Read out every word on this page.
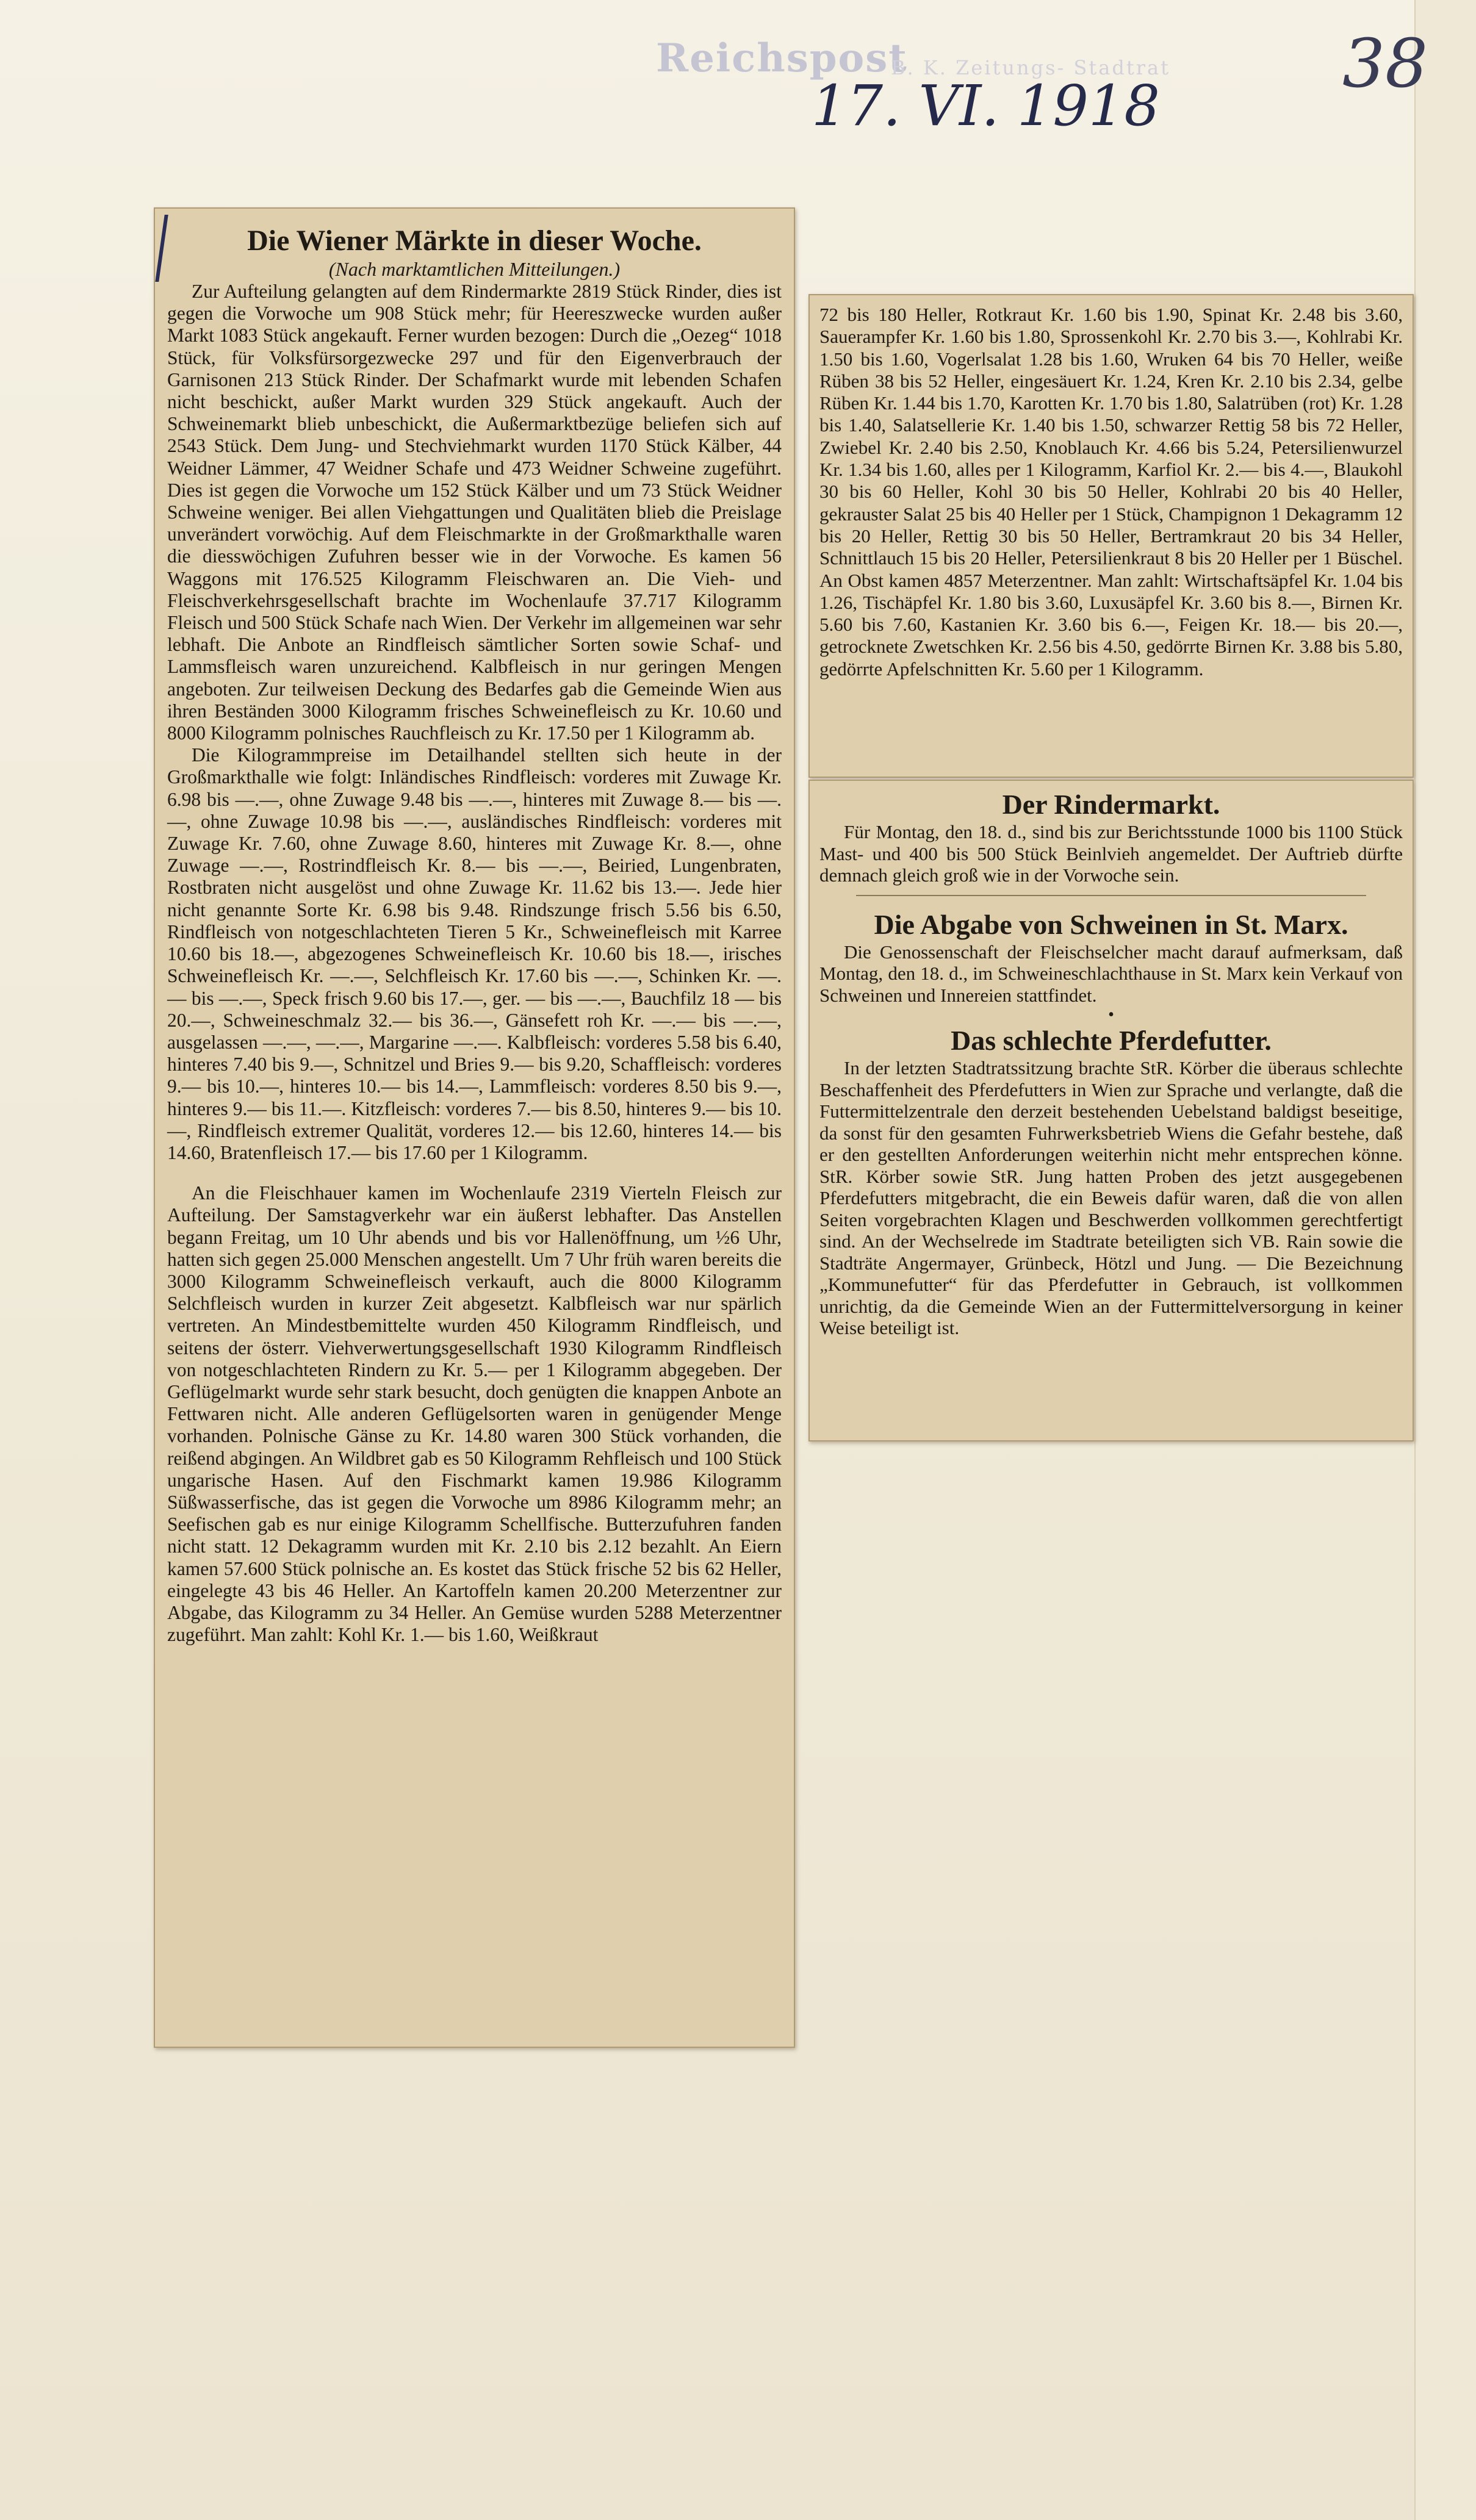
Reichspost
B. K. Zeitungs- Stadtrat
17. VI. 1918
38

Die Wiener Märkte in dieser Woche.

(Nach marktamtlichen Mitteilungen.)

Zur Aufteilung gelangten auf dem Rindermarkte 2819 Stück Rinder, dies ist gegen die Vorwoche um 908 Stück mehr; für Heereszwecke wurden außer Markt 1083 Stück angekauft. Ferner wurden bezogen: Durch die „Oezeg“ 1018 Stück, für Volksfürsorgezwecke 297 und für den Eigenverbrauch der Garnisonen 213 Stück Rinder. Der Schafmarkt wurde mit lebenden Schafen nicht beschickt, außer Markt wurden 329 Stück angekauft. Auch der Schweinemarkt blieb unbeschickt, die Außermarktbezüge beliefen sich auf 2543 Stück. Dem Jung- und Stechviehmarkt wurden 1170 Stück Kälber, 44 Weidner Lämmer, 47 Weidner Schafe und 473 Weidner Schweine zugeführt. Dies ist gegen die Vorwoche um 152 Stück Kälber und um 73 Stück Weidner Schweine weniger. Bei allen Viehgattungen und Qualitäten blieb die Preislage unverändert vorwöchig. Auf dem Fleischmarkte in der Großmarkthalle waren die diesswöchigen Zufuhren besser wie in der Vorwoche. Es kamen 56 Waggons mit 176.525 Kilogramm Fleischwaren an. Die Vieh- und Fleischverkehrsgesellschaft brachte im Wochenlaufe 37.717 Kilogramm Fleisch und 500 Stück Schafe nach Wien. Der Verkehr im allgemeinen war sehr lebhaft. Die Anbote an Rindfleisch sämtlicher Sorten sowie Schaf- und Lammsfleisch waren unzureichend. Kalbfleisch in nur geringen Mengen angeboten. Zur teilweisen Deckung des Bedarfes gab die Gemeinde Wien aus ihren Beständen 3000 Kilogramm frisches Schweinefleisch zu Kr. 10.60 und 8000 Kilogramm polnisches Rauchfleisch zu Kr. 17.50 per 1 Kilogramm ab.

Die Kilogrammpreise im Detailhandel stellten sich heute in der Großmarkthalle wie folgt: Inländisches Rindfleisch: vorderes mit Zuwage Kr. 6.98 bis —.—, ohne Zuwage 9.48 bis —.—, hinteres mit Zuwage 8.— bis —.—, ohne Zuwage 10.98 bis —.—, ausländisches Rindfleisch: vorderes mit Zuwage Kr. 7.60, ohne Zuwage 8.60, hinteres mit Zuwage Kr. 8.—, ohne Zuwage —.—, Rostrindfleisch Kr. 8.— bis —.—, Beiried, Lungenbraten, Rostbraten nicht ausgelöst und ohne Zuwage Kr. 11.62 bis 13.—. Jede hier nicht genannte Sorte Kr. 6.98 bis 9.48. Rindszunge frisch 5.56 bis 6.50, Rindfleisch von notgeschlachteten Tieren 5 Kr., Schweinefleisch mit Karree 10.60 bis 18.—, abgezogenes Schweinefleisch Kr. 10.60 bis 18.—, irisches Schweinefleisch Kr. —.—, Selchfleisch Kr. 17.60 bis —.—, Schinken Kr. —.— bis —.—, Speck frisch 9.60 bis 17.—, ger. — bis —.—, Bauchfilz 18 — bis 20.—, Schweineschmalz 32.— bis 36.—, Gänsefett roh Kr. —.— bis —.—, ausgelassen —.—, —.—, Margarine —.—. Kalbfleisch: vorderes 5.58 bis 6.40, hinteres 7.40 bis 9.—, Schnitzel und Bries 9.— bis 9.20, Schaffleisch: vorderes 9.— bis 10.—, hinteres 10.— bis 14.—, Lammfleisch: vorderes 8.50 bis 9.—, hinteres 9.— bis 11.—. Kitzfleisch: vorderes 7.— bis 8.50, hinteres 9.— bis 10.—, Rindfleisch extremer Qualität, vorderes 12.— bis 12.60, hinteres 14.— bis 14.60, Bratenfleisch 17.— bis 17.60 per 1 Kilogramm.

An die Fleischhauer kamen im Wochenlaufe 2319 Vierteln Fleisch zur Aufteilung. Der Samstagverkehr war ein äußerst lebhafter. Das Anstellen begann Freitag, um 10 Uhr abends und bis vor Hallenöffnung, um ½6 Uhr, hatten sich gegen 25.000 Menschen angestellt. Um 7 Uhr früh waren bereits die 3000 Kilogramm Schweinefleisch verkauft, auch die 8000 Kilogramm Selchfleisch wurden in kurzer Zeit abgesetzt. Kalbfleisch war nur spärlich vertreten. An Mindestbemittelte wurden 450 Kilogramm Rindfleisch, und seitens der österr. Viehverwertungsgesellschaft 1930 Kilogramm Rindfleisch von notgeschlachteten Rindern zu Kr. 5.— per 1 Kilogramm abgegeben. Der Geflügelmarkt wurde sehr stark besucht, doch genügten die knappen Anbote an Fettwaren nicht. Alle anderen Geflügelsorten waren in genügender Menge vorhanden. Polnische Gänse zu Kr. 14.80 waren 300 Stück vorhanden, die reißend abgingen. An Wildbret gab es 50 Kilogramm Rehfleisch und 100 Stück ungarische Hasen. Auf den Fischmarkt kamen 19.986 Kilogramm Süßwasserfische, das ist gegen die Vorwoche um 8986 Kilogramm mehr; an Seefischen gab es nur einige Kilogramm Schellfische. Butterzufuhren fanden nicht statt. 12 Dekagramm wurden mit Kr. 2.10 bis 2.12 bezahlt. An Eiern kamen 57.600 Stück polnische an. Es kostet das Stück frische 52 bis 62 Heller, eingelegte 43 bis 46 Heller. An Kartoffeln kamen 20.200 Meterzentner zur Abgabe, das Kilogramm zu 34 Heller. An Gemüse wurden 5288 Meterzentner zugeführt. Man zahlt: Kohl Kr. 1.— bis 1.60, Weißkraut

72 bis 180 Heller, Rotkraut Kr. 1.60 bis 1.90, Spinat Kr. 2.48 bis 3.60, Sauerampfer Kr. 1.60 bis 1.80, Sprossenkohl Kr. 2.70 bis 3.—, Kohlrabi Kr. 1.50 bis 1.60, Vogerlsalat 1.28 bis 1.60, Wruken 64 bis 70 Heller, weiße Rüben 38 bis 52 Heller, eingesäuert Kr. 1.24, Kren Kr. 2.10 bis 2.34, gelbe Rüben Kr. 1.44 bis 1.70, Karotten Kr. 1.70 bis 1.80, Salatrüben (rot) Kr. 1.28 bis 1.40, Salatsellerie Kr. 1.40 bis 1.50, schwarzer Rettig 58 bis 72 Heller, Zwiebel Kr. 2.40 bis 2.50, Knoblauch Kr. 4.66 bis 5.24, Petersilienwurzel Kr. 1.34 bis 1.60, alles per 1 Kilogramm, Karfiol Kr. 2.— bis 4.—, Blaukohl 30 bis 60 Heller, Kohl 30 bis 50 Heller, Kohlrabi 20 bis 40 Heller, gekrauster Salat 25 bis 40 Heller per 1 Stück, Champignon 1 Dekagramm 12 bis 20 Heller, Rettig 30 bis 50 Heller, Bertramkraut 20 bis 34 Heller, Schnittlauch 15 bis 20 Heller, Petersilienkraut 8 bis 20 Heller per 1 Büschel. An Obst kamen 4857 Meterzentner. Man zahlt: Wirtschaftsäpfel Kr. 1.04 bis 1.26, Tischäpfel Kr. 1.80 bis 3.60, Luxusäpfel Kr. 3.60 bis 8.—, Birnen Kr. 5.60 bis 7.60, Kastanien Kr. 3.60 bis 6.—, Feigen Kr. 18.— bis 20.—, getrocknete Zwetschken Kr. 2.56 bis 4.50, gedörrte Birnen Kr. 3.88 bis 5.80, gedörrte Apfelschnitten Kr. 5.60 per 1 Kilogramm.

Der Rindermarkt.

Für Montag, den 18. d., sind bis zur Berichtsstunde 1000 bis 1100 Stück Mast- und 400 bis 500 Stück Beinlvieh angemeldet. Der Auftrieb dürfte demnach gleich groß wie in der Vorwoche sein.

Die Abgabe von Schweinen in St. Marx.

Die Genossenschaft der Fleischselcher macht darauf aufmerksam, daß Montag, den 18. d., im Schweineschlachthause in St. Marx kein Verkauf von Schweinen und Innereien stattfindet.

•

Das schlechte Pferdefutter.

In der letzten Stadtratssitzung brachte StR. Körber die überaus schlechte Beschaffenheit des Pferdefutters in Wien zur Sprache und verlangte, daß die Futtermittelzentrale den derzeit bestehenden Uebelstand baldigst beseitige, da sonst für den gesamten Fuhrwerksbetrieb Wiens die Gefahr bestehe, daß er den gestellten Anforderungen weiterhin nicht mehr entsprechen könne. StR. Körber sowie StR. Jung hatten Proben des jetzt ausgegebenen Pferdefutters mitgebracht, die ein Beweis dafür waren, daß die von allen Seiten vorgebrachten Klagen und Beschwerden vollkommen gerechtfertigt sind. An der Wechselrede im Stadtrate beteiligten sich VB. Rain sowie die Stadträte Angermayer, Grünbeck, Hötzl und Jung. — Die Bezeichnung „Kommunefutter“ für das Pferdefutter in Gebrauch, ist vollkommen unrichtig, da die Gemeinde Wien an der Futtermittelversorgung in keiner Weise beteiligt ist.
